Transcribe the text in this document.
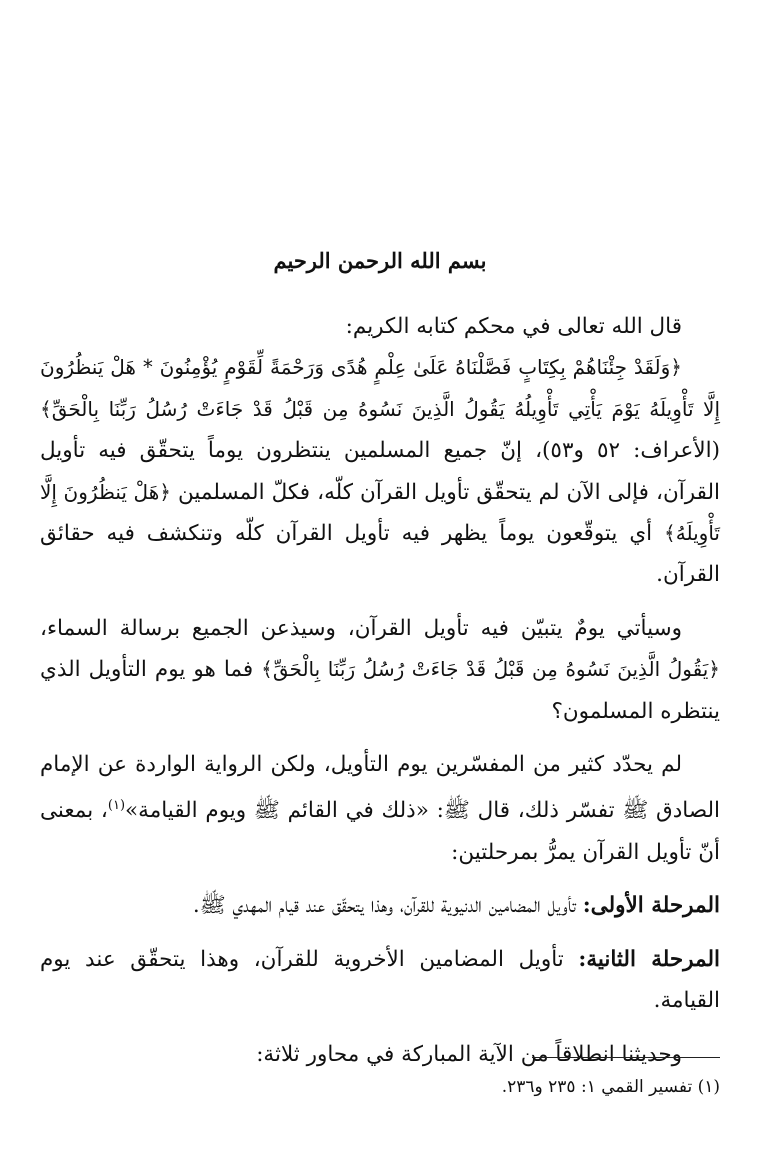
بسم الله الرحمن الرحيم

قال الله تعالى في محكم كتابه الكريم:

﴿وَلَقَدْ جِئْنَاهُمْ بِكِتَابٍ فَصَّلْنَاهُ عَلَىٰ عِلْمٍ هُدًى وَرَحْمَةً لِّقَوْمٍ يُؤْمِنُونَ * هَلْ يَنظُرُونَ إِلَّا تَأْوِيلَهُ يَوْمَ يَأْتِي تَأْوِيلُهُ يَقُولُ الَّذِينَ نَسُوهُ مِن قَبْلُ قَدْ جَاءَتْ رُسُلُ رَبِّنَا بِالْحَقِّ﴾ (الأعراف: ٥٢ و٥٣)، إنّ جميع المسلمين ينتظرون يوماً يتحقّق فيه تأويل القرآن، فإلى الآن لم يتحقّق تأويل القرآن كلّه، فكلّ المسلمين ﴿هَلْ يَنظُرُونَ إِلَّا تَأْوِيلَهُ﴾ أي يتوقّعون يوماً يظهر فيه تأويل القرآن كلّه وتنكشف فيه حقائق القرآن.

وسيأتي يومٌ يتبيّن فيه تأويل القرآن، وسيذعن الجميع برسالة السماء، ﴿يَقُولُ الَّذِينَ نَسُوهُ مِن قَبْلُ قَدْ جَاءَتْ رُسُلُ رَبِّنَا بِالْحَقِّ﴾ فما هو يوم التأويل الذي ينتظره المسلمون؟

لم يحدّد كثير من المفسّرين يوم التأويل، ولكن الرواية الواردة عن الإمام الصادق ﷺ تفسّر ذلك، قال ﷺ: «ذلك في القائم ﷺ ويوم القيامة»$^{(١)}$، بمعنى أنّ تأويل القرآن يمرُّ بمرحلتين:

المرحلة الأولى: تأويل المضامين الدنيوية للقرآن، وهذا يتحقّق عند قيام المهدي ﷺ.

المرحلة الثانية: تأويل المضامين الأخروية للقرآن، وهذا يتحقّق عند يوم القيامة.

وحديثنا انطلاقاً من الآية المباركة في محاور ثلاثة:

(١) تفسير القمي ١: ٢٣٥ و٢٣٦.
